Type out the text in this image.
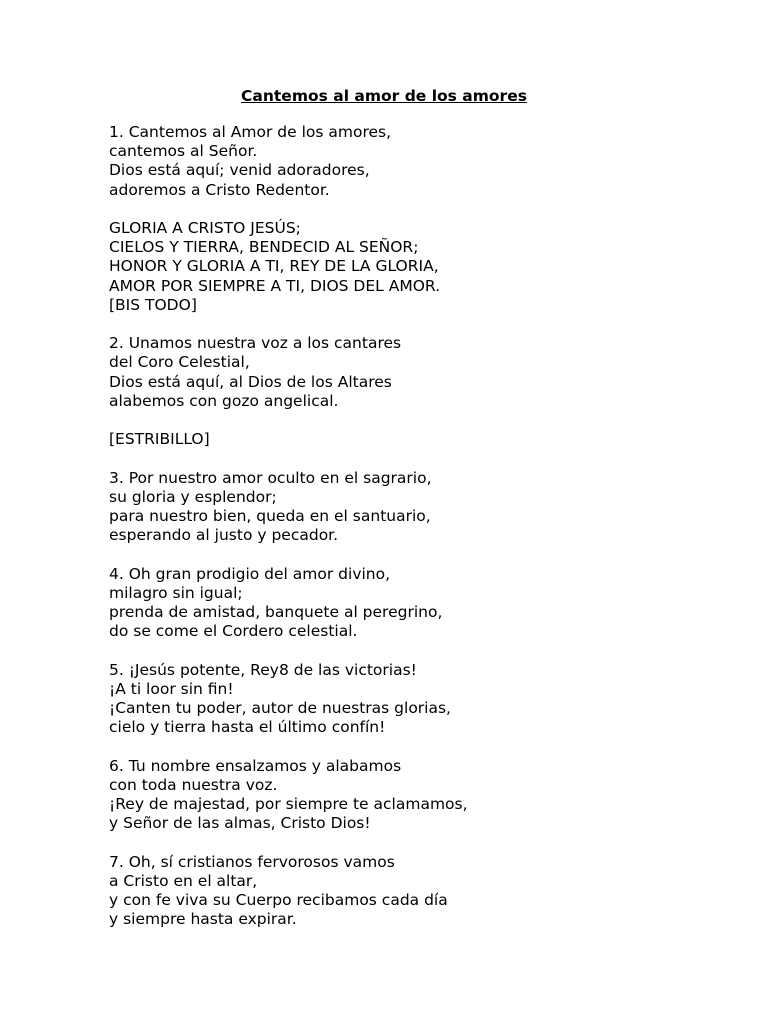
Cantemos al amor de los amores
1. Cantemos al Amor de los amores,
cantemos al Señor.
Dios está aquí; venid adoradores,
adoremos a Cristo Redentor.
GLORIA A CRISTO JESÚS;
CIELOS Y TIERRA, BENDECID AL SEÑOR;
HONOR Y GLORIA A TI, REY DE LA GLORIA,
AMOR POR SIEMPRE A TI, DIOS DEL AMOR.
[BIS TODO]
2. Unamos nuestra voz a los cantares
del Coro Celestial,
Dios está aquí, al Dios de los Altares
alabemos con gozo angelical.
[ESTRIBILLO]
3. Por nuestro amor oculto en el sagrario,
su gloria y esplendor;
para nuestro bien, queda en el santuario,
esperando al justo y pecador.
4. Oh gran prodigio del amor divino,
milagro sin igual;
prenda de amistad, banquete al peregrino,
do se come el Cordero celestial.
5. ¡Jesús potente, Rey8 de las victorias!
¡A ti loor sin fin!
¡Canten tu poder, autor de nuestras glorias,
cielo y tierra hasta el último confín!
6. Tu nombre ensalzamos y alabamos
con toda nuestra voz.
¡Rey de majestad, por siempre te aclamamos,
y Señor de las almas, Cristo Dios!
7. Oh, sí cristianos fervorosos vamos
a Cristo en el altar,
y con fe viva su Cuerpo recibamos cada día
y siempre hasta expirar.
